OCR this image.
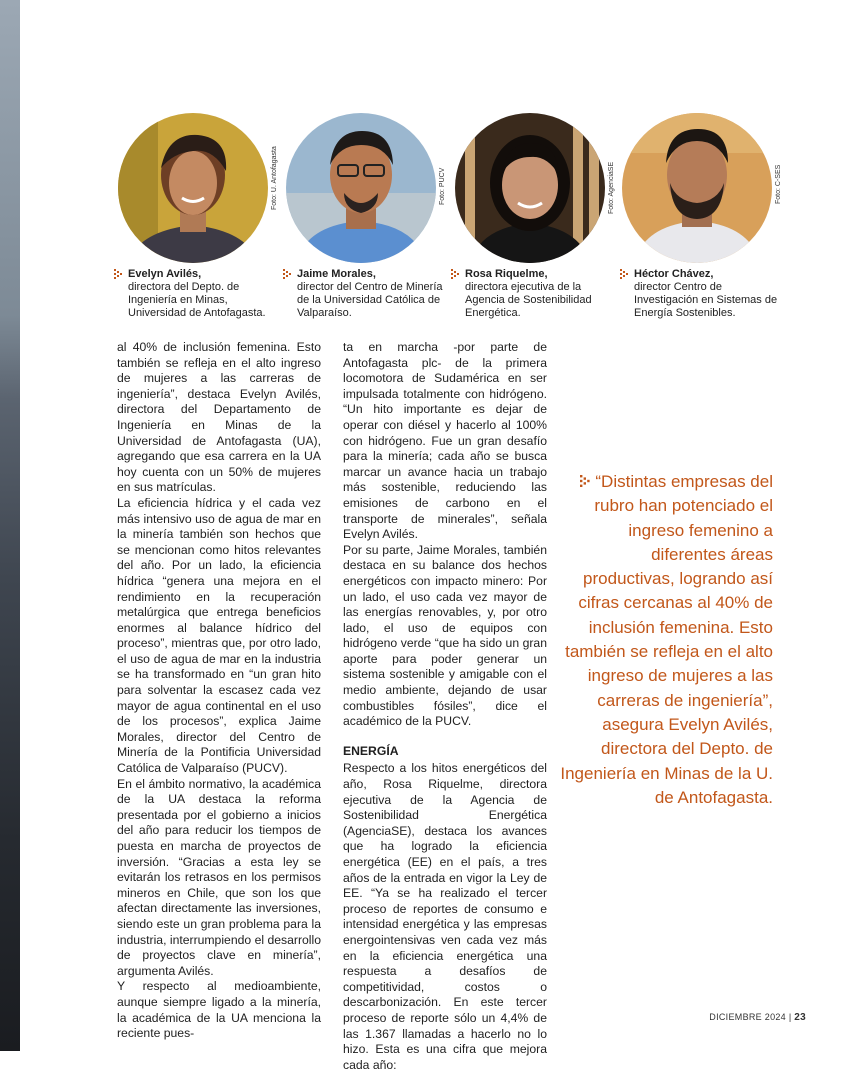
Foto: U. Antofagasta	Foto: PUCV	Foto: AgenciaSE	Foto: C-SES
Evelyn Avilés,
directora del Depto. de Ingeniería en Minas, Universidad de Antofagasta.
Jaime Morales,
director del Centro de Minería de la Universidad Católica de Valparaíso.
Rosa Riquelme,
directora ejecutiva de la Agencia de Sostenibilidad Energética.
Héctor Chávez,
director Centro de Investigación en Sistemas de Energía Sostenibles.

al 40% de inclusión femenina. Esto también se refleja en el alto ingreso de mujeres a las carreras de ingeniería”, destaca Evelyn Avilés, directora del Departamento de Ingeniería en Minas de la Universidad de Antofagasta (UA), agregando que esa carrera en la UA hoy cuenta con un 50% de mujeres en sus matrículas.

La eficiencia hídrica y el cada vez más intensivo uso de agua de mar en la minería también son hechos que se mencionan como hitos relevantes del año. Por un lado, la eficiencia hídrica “genera una mejora en el rendimiento en la recuperación metalúrgica que entrega beneficios enormes al balance hídrico del proceso”, mientras que, por otro lado, el uso de agua de mar en la industria se ha transformado en “un gran hito para solventar la escasez cada vez mayor de agua continental en el uso de los procesos”, explica Jaime Morales, director del Centro de Minería de la Pontificia Universidad Católica de Valparaíso (PUCV).

En el ámbito normativo, la académica de la UA destaca la reforma presentada por el gobierno a inicios del año para reducir los tiempos de puesta en marcha de proyectos de inversión. “Gracias a esta ley se evitarán los retrasos en los permisos mineros en Chile, que son los que afectan directamente las inversiones, siendo este un gran problema para la industria, interrumpiendo el desarrollo de proyectos clave en minería”, argumenta Avilés.

Y respecto al medioambiente, aunque siempre ligado a la minería, la académica de la UA menciona la reciente pues-

ta en marcha -por parte de Antofagasta plc- de la primera locomotora de Sudamérica en ser impulsada totalmente con hidrógeno. “Un hito importante es dejar de operar con diésel y hacerlo al 100% con hidrógeno. Fue un gran desafío para la minería; cada año se busca marcar un avance hacia un trabajo más sostenible, reduciendo las emisiones de carbono en el transporte de minerales”, señala Evelyn Avilés.

Por su parte, Jaime Morales, también destaca en su balance dos hechos energéticos con impacto minero: Por un lado, el uso cada vez mayor de las energías renovables, y, por otro lado, el uso de equipos con hidrógeno verde “que ha sido un gran aporte para poder generar un sistema sostenible y amigable con el medio ambiente, dejando de usar combustibles fósiles”, dice el académico de la PUCV.

ENERGÍA

Respecto a los hitos energéticos del año, Rosa Riquelme, directora ejecutiva de la Agencia de Sostenibilidad Energética (AgenciaSE), destaca los avances que ha logrado la eficiencia energética (EE) en el país, a tres años de la entrada en vigor la Ley de EE. “Ya se ha realizado el tercer proceso de reportes de consumo e intensidad energética y las empresas energointensivas ven cada vez más en la eficiencia energética una respuesta a desafíos de competitividad, costos o descarbonización. En este tercer proceso de reporte sólo un 4,4% de las 1.367 llamadas a hacerlo no lo hizo. Esta es una cifra que mejora cada año:

“Distintas empresas del rubro han potenciado el ingreso femenino a diferentes áreas productivas, logrando así cifras cercanas al 40% de inclusión femenina. Esto también se refleja en el alto ingreso de mujeres a las carreras de ingeniería”, asegura Evelyn Avilés, directora del Depto. de Ingeniería en Minas de la U. de Antofagasta.
DICIEMBRE 2024 | 23
